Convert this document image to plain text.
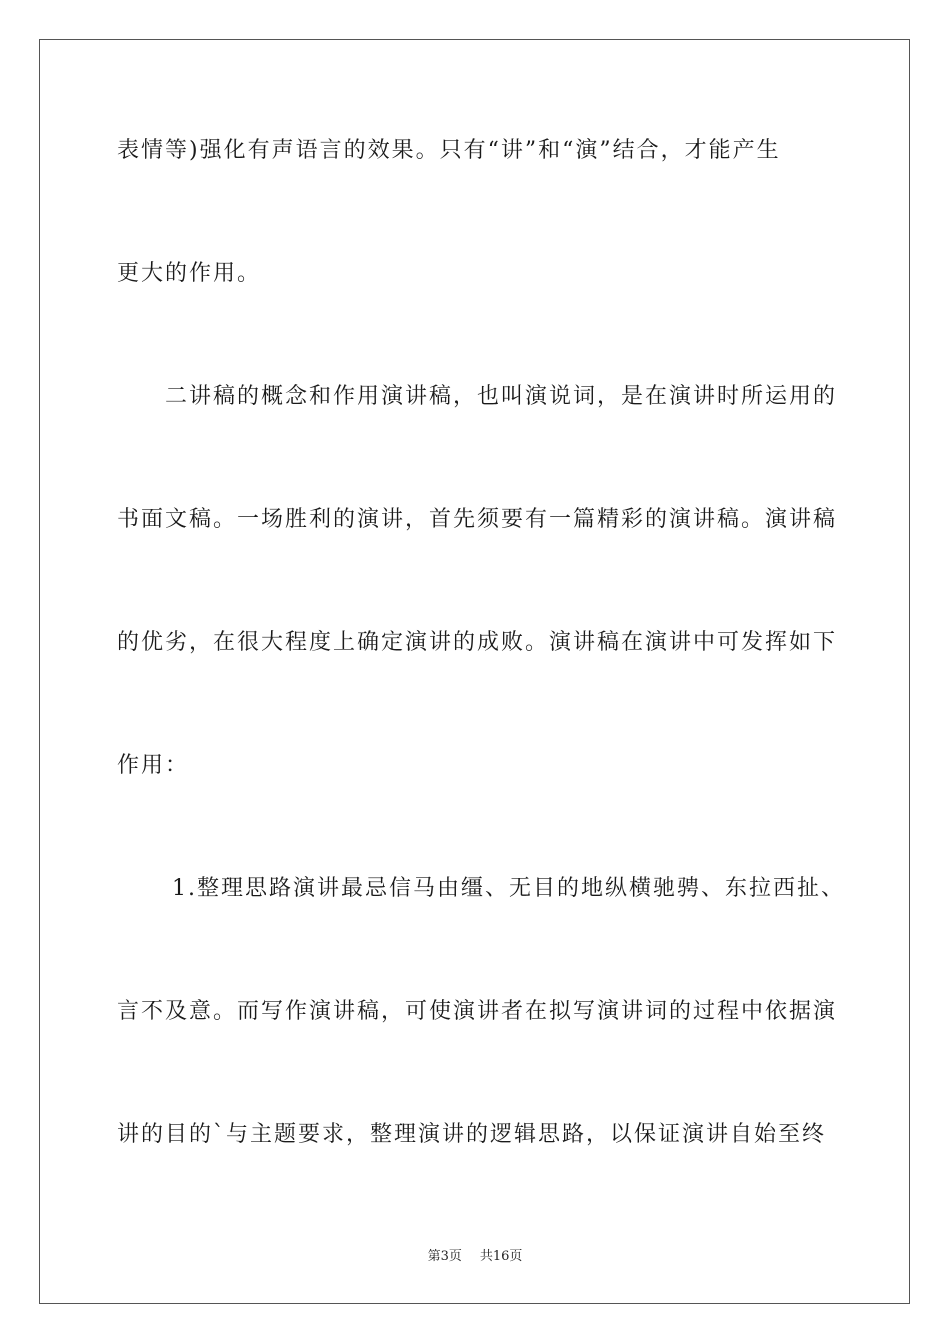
表情等)强化有声语言的效果。只有“讲”和“演”结合，才能产生
更大的作用。
二讲稿的概念和作用演讲稿，也叫演说词，是在演讲时所运用的
书面文稿。一场胜利的演讲，首先须要有一篇精彩的演讲稿。演讲稿
的优劣，在很大程度上确定演讲的成败。演讲稿在演讲中可发挥如下
作用：
1.整理思路演讲最忌信马由缰、无目的地纵横驰骋、东拉西扯、
言不及意。而写作演讲稿，可使演讲者在拟写演讲词的过程中依据演
讲的目的`与主题要求，整理演讲的逻辑思路，以保证演讲自始至终
第3页 共16页
